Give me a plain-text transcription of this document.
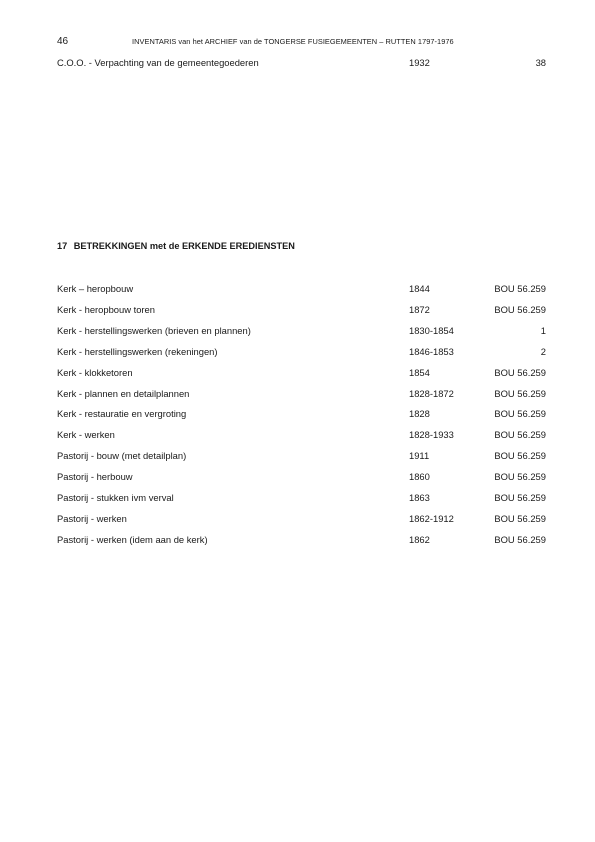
46	INVENTARIS van het ARCHIEF van de TONGERSE FUSIEGEMEENTEN – RUTTEN 1797-1976
C.O.O. - Verpachting van de gemeentegoederen	1932	38
17 BETREKKINGEN met de ERKENDE EREDIENSTEN
Kerk – heropbouw	1844	BOU 56.259
Kerk - heropbouw toren	1872	BOU 56.259
Kerk - herstellingswerken (brieven en plannen)	1830-1854	1
Kerk - herstellingswerken (rekeningen)	1846-1853	2
Kerk - klokketoren	1854	BOU 56.259
Kerk - plannen en detailplannen	1828-1872	BOU 56.259
Kerk - restauratie en vergroting	1828	BOU 56.259
Kerk - werken	1828-1933	BOU 56.259
Pastorij - bouw (met detailplan)	1911	BOU 56.259
Pastorij - herbouw	1860	BOU 56.259
Pastorij - stukken ivm verval	1863	BOU 56.259
Pastorij - werken	1862-1912	BOU 56.259
Pastorij - werken (idem aan de kerk)	1862	BOU 56.259
